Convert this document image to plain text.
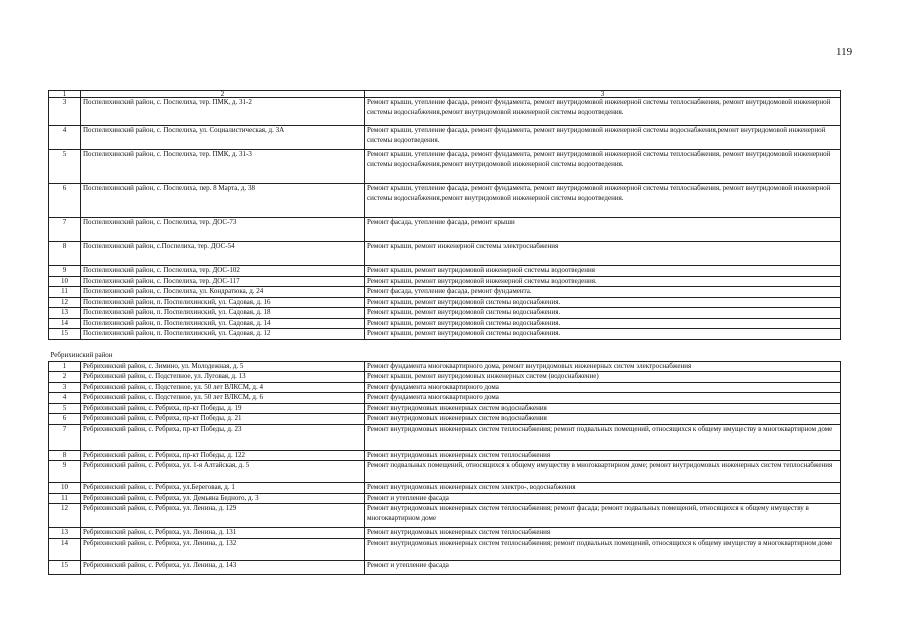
119
1	2	3
3	Поспелихинский район, с. Поспелиха, тер. ПМК, д. 31-2	Ремонт крыши, утепление фасада, ремонт фундамента, ремонт внутридомовой инженерной системы теплоснабжения, ремонт внутридомовой инженерной системы водоснабжения,ремонт внутридомовой инженерной системы водоотведения.
4	Поспелихинский район, с. Поспелиха, ул. Социалистическая, д. 3А	Ремонт крыши, утепление фасада, ремонт фундамента, ремонт внутридомовой инженерной системы водоснабжения,ремонт внутридомовой инженерной системы водоотведения.
5	Поспелихинский район, с. Поспелиха, тер. ПМК, д. 31-3	Ремонт крыши, утепление фасада, ремонт фундамента, ремонт внутридомовой инженерной системы теплоснабжения, ремонт внутридомовой инженерной системы водоснабжения,ремонт внутридомовой инженерной системы водоотведения.
6	Поспелихинский район, с. Поспелиха, пер. 8 Марта, д. 38	Ремонт крыши, утепление фасада, ремонт фундамента, ремонт внутридомовой инженерной системы теплоснабжения, ремонт внутридомовой инженерной системы водоснабжения,ремонт внутридомовой инженерной системы водоотведения.
7	Поспелихинский район, с. Поспелиха, тер. ДОС-73	Ремонт фасада, утепление фасада, ремонт крыши
8	Поспелихинский район, с.Поспелиха, тер. ДОС-54	Ремонт крыши, ремонт инженерной системы электроснабжения
9	Поспелихинский район, с. Поспелиха, тер. ДОС-102	Ремонт крыши, ремонт внутридомовой инженерной системы водоотведения
10	Поспелихинский район, с. Поспелиха, тер. ДОС-117	Ремонт крыши, ремонт внутридомовой инженерной системы водоотведения.
11	Поспелихинский район, с. Поспелиха, ул. Кондратюка, д. 24	Ремонт фасада, утепление фасада, ремонт фундамента.
12	Поспелихинский район, п. Поспелихинский, ул. Садовая, д. 16	Ремонт крыши, ремонт внутридомовой системы водоснабжения.
13	Поспелихинский район, п. Поспелихинский, ул. Садовая, д. 18	Ремонт крыши, ремонт внутридомовой системы водоснабжения.
14	Поспелихинский район, п. Поспелихинский, ул. Садовая, д. 14	Ремонт крыши, ремонт внутридомовой системы водоснабжения.
15	Поспелихинский район, п. Поспелихинский, ул. Садовая, д. 12	Ремонт крыши, ремонт внутридомовой системы водоснабжения.
Ребрихинский район		
1	Ребрихинский район, с. Зимино, ул. Молодежная, д. 5	Ремонт фундамента многоквартирного дома, ремонт внутридомовых инженерных систем электроснабжения
2	Ребрихинский район, с. Подстепное, ул. Луговая, д. 13	Ремонт крыши, ремонт внутридомовых инженерных систем (водоснабжение)
3	Ребрихинский район, с. Подстепное, ул. 50 лет ВЛКСМ, д. 4	Ремонт фундамента многоквартирного дома
4	Ребрихинский район, с. Подстепное, ул. 50 лет ВЛКСМ, д. 6	Ремонт фундамента многоквартирного дома
5	Ребрихинский район, с. Ребриха, пр-кт Победы, д. 19	Ремонт внутридомовых инженерных систем водоснабжения
6	Ребрихинский район, с. Ребриха, пр-кт Победы, д. 21	Ремонт внутридомовых инженерных систем водоснабжения
7	Ребрихинский район, с. Ребриха, пр-кт Победы, д. 23	Ремонт внутридомовых инженерных систем теплоснабжения; ремонт подвальных помещений, относящихся к общему имуществу в многоквартирном доме
8	Ребрихинский район, с. Ребриха, пр-кт Победы, д. 122	Ремонт внутридомовых инженерных систем теплоснабжения
9	Ребрихинский район, с. Ребриха, ул. 1-я Алтайская, д. 5	Ремонт подвальных помещений, относящихся к общему имуществу в многоквартирном доме; ремонт внутридомовых инженерных систем теплоснабжения
10	Ребрихинский район, с. Ребриха, ул.Береговая, д. 1	Ремонт внутридомовых инженерных систем электро-, водоснабжения
11	Ребрихинский район, с. Ребриха, ул. Демьяна Бедного, д. 3	Ремонт и утепление фасада
12	Ребрихинский район, с. Ребриха, ул. Ленина, д. 129	Ремонт внутридомовых инженерных систем теплоснабжения; ремонт фасада; ремонт подвальных помещений, относящихся к общему имуществу в многоквартирном доме
13	Ребрихинский район, с. Ребриха, ул. Ленина, д. 131	Ремонт внутридомовых инженерных систем теплоснабжения
14	Ребрихинский район, с. Ребриха, ул. Ленина, д. 132	Ремонт внутридомовых инженерных систем теплоснабжения; ремонт подвальных помещений, относящихся к общему имуществу в многоквартирном доме
15	Ребрихинский район, с. Ребриха, ул. Ленина, д. 143	Ремонт и утепление фасада
